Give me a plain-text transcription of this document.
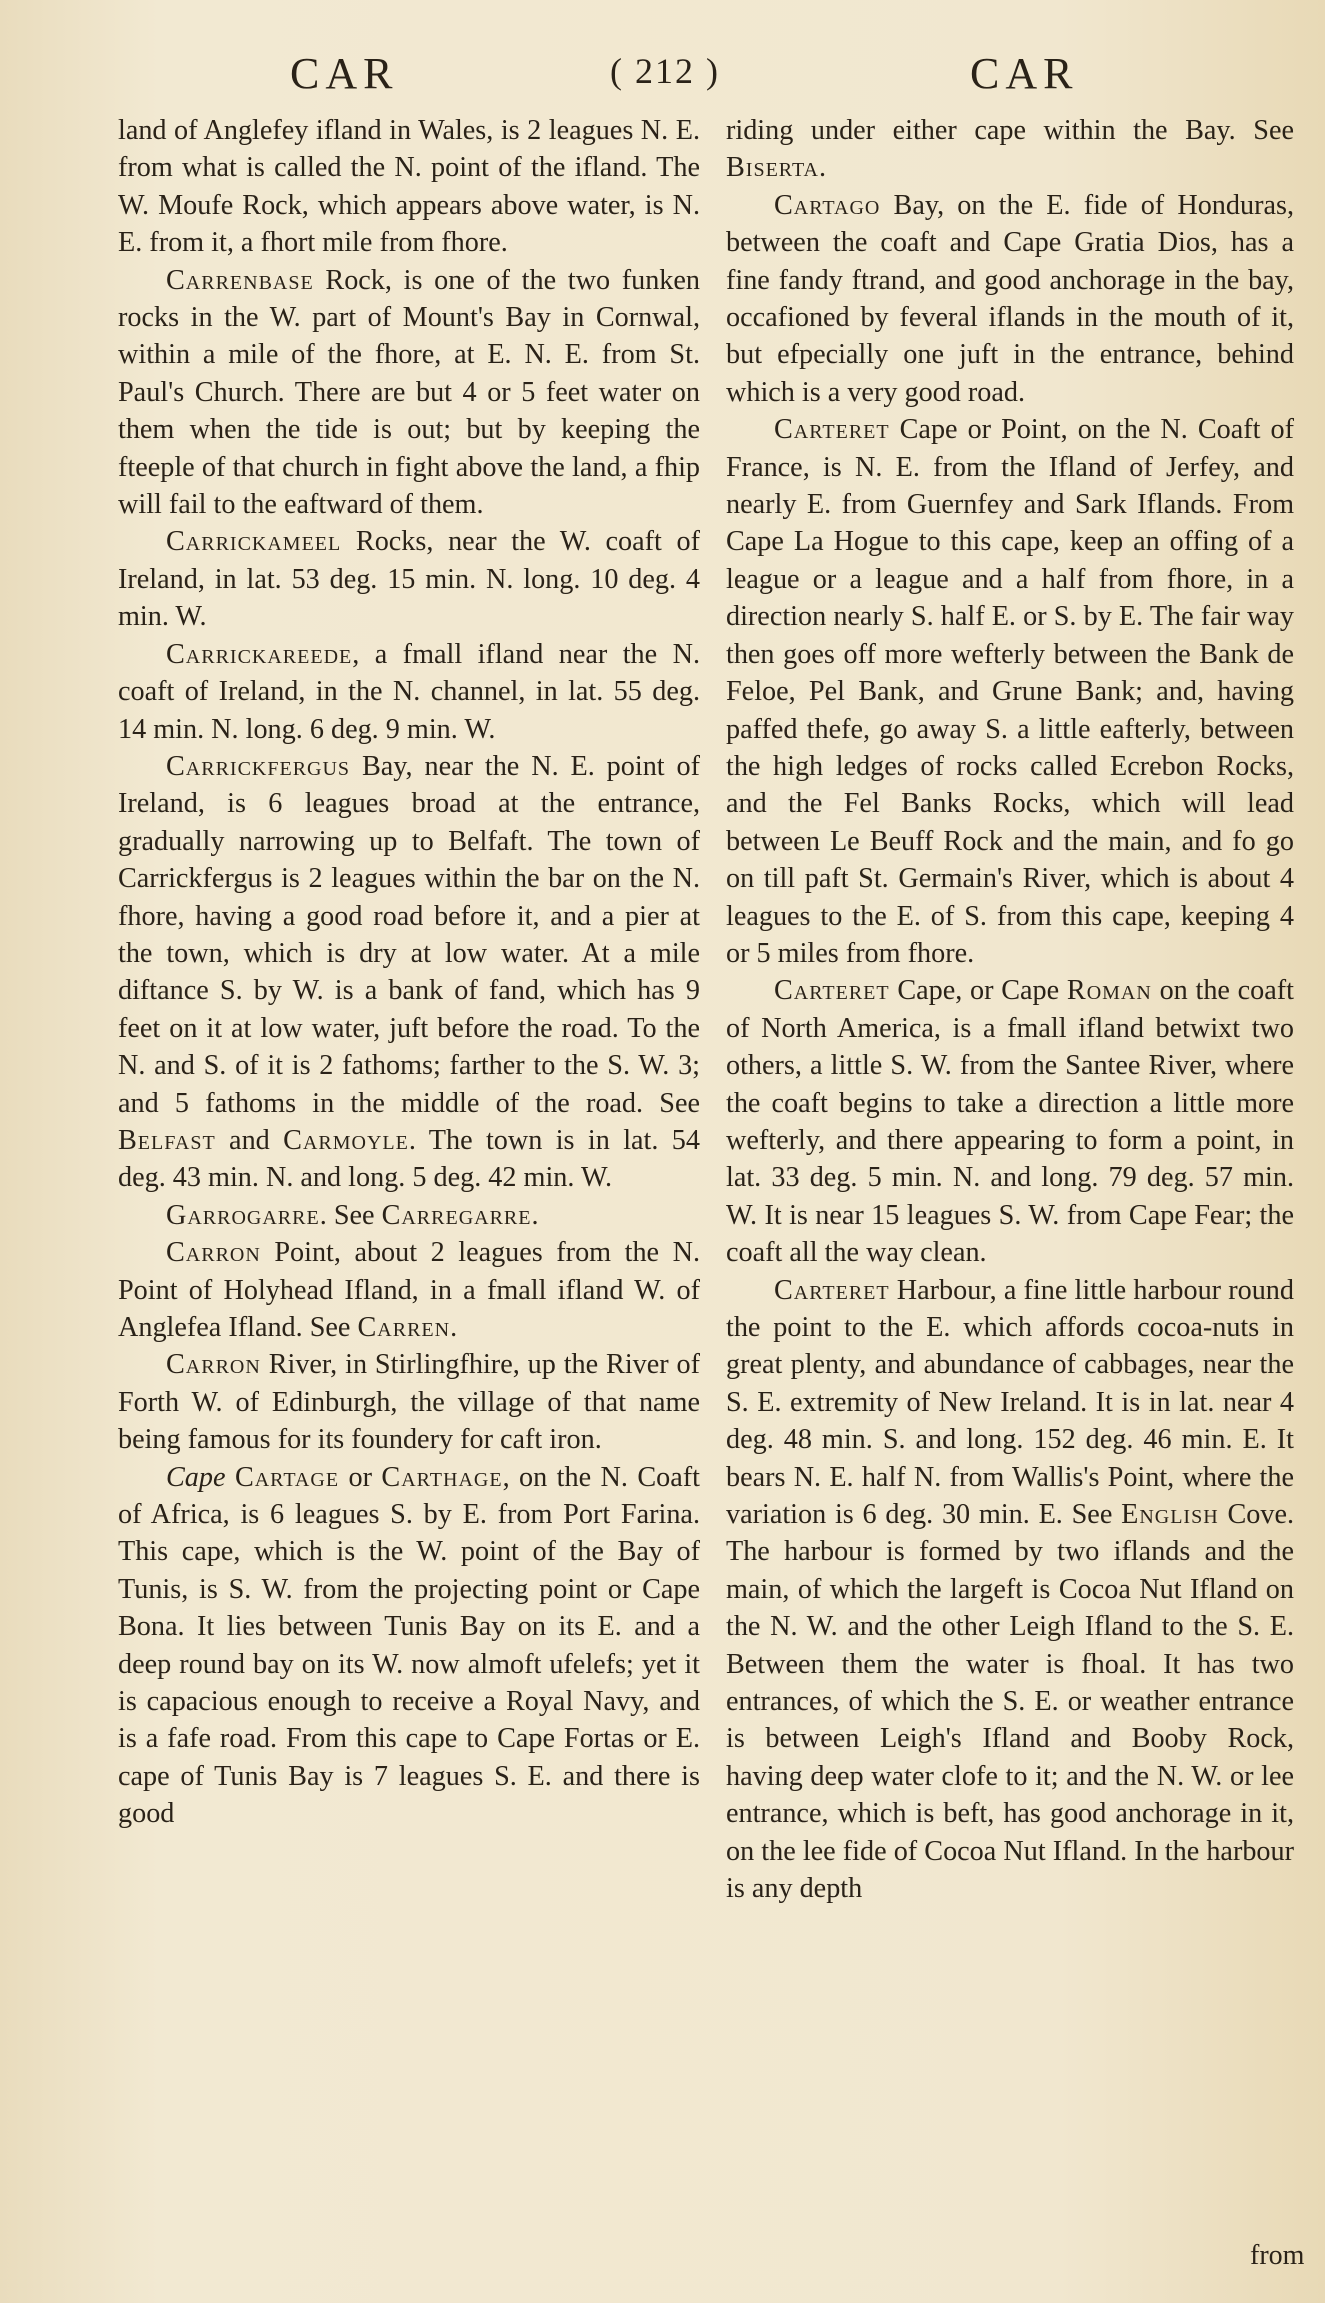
CAR	( 212 )	CAR

land of Anglefey ifland in Wales, is 2 leagues N. E. from what is called the N. point of the ifland. The W. Moufe Rock, which appears above water, is N. E. from it, a fhort mile from fhore.

Carrenbase Rock, is one of the two funken rocks in the W. part of Mount's Bay in Cornwal, within a mile of the fhore, at E. N. E. from St. Paul's Church. There are but 4 or 5 feet water on them when the tide is out; but by keeping the fteeple of that church in fight above the land, a fhip will fail to the eaftward of them.

Carrickameel Rocks, near the W. coaft of Ireland, in lat. 53 deg. 15 min. N. long. 10 deg. 4 min. W.

Carrickareede, a fmall ifland near the N. coaft of Ireland, in the N. channel, in lat. 55 deg. 14 min. N. long. 6 deg. 9 min. W.

Carrickfergus Bay, near the N. E. point of Ireland, is 6 leagues broad at the entrance, gradually narrowing up to Belfaft. The town of Carrickfergus is 2 leagues within the bar on the N. fhore, having a good road before it, and a pier at the town, which is dry at low water. At a mile diftance S. by W. is a bank of fand, which has 9 feet on it at low water, juft before the road. To the N. and S. of it is 2 fathoms; farther to the S. W. 3; and 5 fathoms in the middle of the road. See Belfast and Carmoyle. The town is in lat. 54 deg. 43 min. N. and long. 5 deg. 42 min. W.

Garrogarre. See Carregarre.

Carron Point, about 2 leagues from the N. Point of Holyhead Ifland, in a fmall ifland W. of Anglefea Ifland. See Carren.

Carron River, in Stirlingfhire, up the River of Forth W. of Edinburgh, the village of that name being famous for its foundery for caft iron.

Cape Cartage or Carthage, on the N. Coaft of Africa, is 6 leagues S. by E. from Port Farina. This cape, which is the W. point of the Bay of Tunis, is S. W. from the projecting point or Cape Bona. It lies between Tunis Bay on its E. and a deep round bay on its W. now almoft ufelefs; yet it is capacious enough to receive a Royal Navy, and is a fafe road. From this cape to Cape Fortas or E. cape of Tunis Bay is 7 leagues S. E. and there is good

riding under either cape within the Bay. See Biserta.

Cartago Bay, on the E. fide of Honduras, between the coaft and Cape Gratia Dios, has a fine fandy ftrand, and good anchorage in the bay, occafioned by feveral iflands in the mouth of it, but efpecially one juft in the entrance, behind which is a very good road.

Carteret Cape or Point, on the N. Coaft of France, is N. E. from the Ifland of Jerfey, and nearly E. from Guernfey and Sark Iflands. From Cape La Hogue to this cape, keep an offing of a league or a league and a half from fhore, in a direction nearly S. half E. or S. by E. The fair way then goes off more wefterly between the Bank de Feloe, Pel Bank, and Grune Bank; and, having paffed thefe, go away S. a little eafterly, between the high ledges of rocks called Ecrebon Rocks, and the Fel Banks Rocks, which will lead between Le Beuff Rock and the main, and fo go on till paft St. Germain's River, which is about 4 leagues to the E. of S. from this cape, keeping 4 or 5 miles from fhore.

Carteret Cape, or Cape Roman on the coaft of North America, is a fmall ifland betwixt two others, a little S. W. from the Santee River, where the coaft begins to take a direction a little more wefterly, and there appearing to form a point, in lat. 33 deg. 5 min. N. and long. 79 deg. 57 min. W. It is near 15 leagues S. W. from Cape Fear; the coaft all the way clean.

Carteret Harbour, a fine little harbour round the point to the E. which affords cocoa-nuts in great plenty, and abundance of cabbages, near the S. E. extremity of New Ireland. It is in lat. near 4 deg. 48 min. S. and long. 152 deg. 46 min. E. It bears N. E. half N. from Wallis's Point, where the variation is 6 deg. 30 min. E. See English Cove. The harbour is formed by two iflands and the main, of which the largeft is Cocoa Nut Ifland on the N. W. and the other Leigh Ifland to the S. E. Between them the water is fhoal. It has two entrances, of which the S. E. or weather entrance is between Leigh's Ifland and Booby Rock, having deep water clofe to it; and the N. W. or lee entrance, which is beft, has good anchorage in it, on the lee fide of Cocoa Nut Ifland. In the harbour is any depth

from
